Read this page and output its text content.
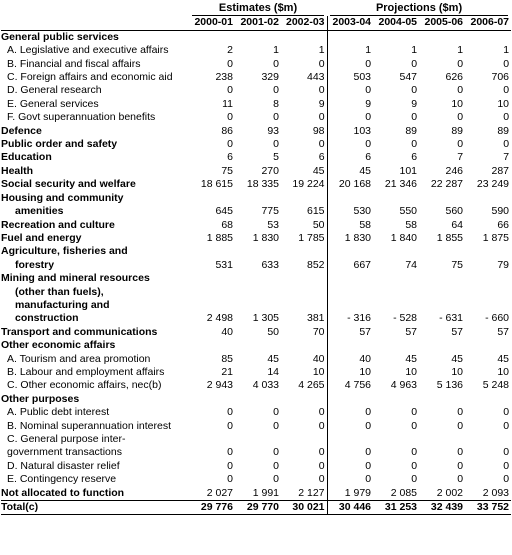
	Estimates ($m)			Projections ($m)			

	2000-01	2001-02	2002-03	2003-04	2004-05	2005-06	2006-07
General public services							
A. Legislative and executive affairs	2	1	1	1	1	1	1
B. Financial and fiscal affairs	0	0	0	0	0	0	0
C. Foreign affairs and economic aid	238	329	443	503	547	626	706
D. General research	0	0	0	0	0	0	0
E. General services	11	8	9	9	9	10	10
F. Govt superannuation benefits	0	0	0	0	0	0	0
Defence	86	93	98	103	89	89	89
Public order and safety	0	0	0	0	0	0	0
Education	6	5	6	6	6	7	7
Health	75	270	45	45	101	246	287
Social security and welfare	18 615	18 335	19 224	20 168	21 346	22 287	23 249
Housing and community							
amenities	645	775	615	530	550	560	590
Recreation and culture	68	53	50	58	58	64	66
Fuel and energy	1 885	1 830	1 785	1 830	1 840	1 855	1 875
Agriculture, fisheries and							
forestry	531	633	852	667	74	75	79
Mining and mineral resources							
(other than fuels),							
manufacturing and							
construction	2 498	1 305	381	- 316	- 528	- 631	- 660
Transport and communications	40	50	70	57	57	57	57
Other economic affairs							
A. Tourism and area promotion	85	45	40	40	45	45	45
B. Labour and employment affairs	21	14	10	10	10	10	10
C. Other economic affairs, nec(b)	2 943	4 033	4 265	4 756	4 963	5 136	5 248
Other purposes							
A. Public debt interest	0	0	0	0	0	0	0
B. Nominal superannuation interest	0	0	0	0	0	0	0
C. General purpose inter-							
government transactions	0	0	0	0	0	0	0
D. Natural disaster relief	0	0	0	0	0	0	0
E. Contingency reserve	0	0	0	0	0	0	0
Not allocated to function	2 027	1 991	2 127	1 979	2 085	2 002	2 093
Total(c)	29 776	29 770	30 021	30 446	31 253	32 439	33 752
